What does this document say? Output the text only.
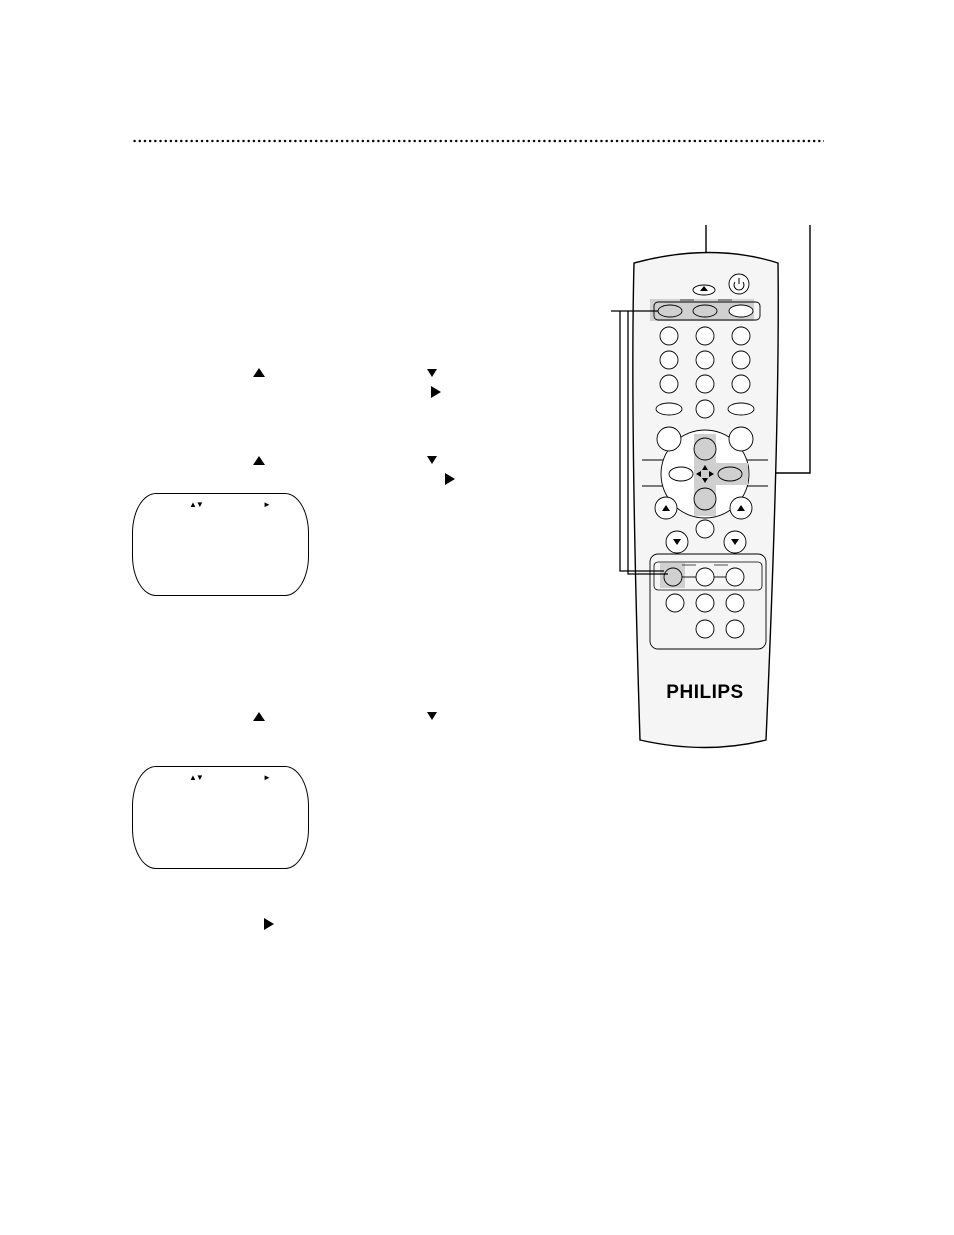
▲▼	►
▲▼	►
PHILIPS
